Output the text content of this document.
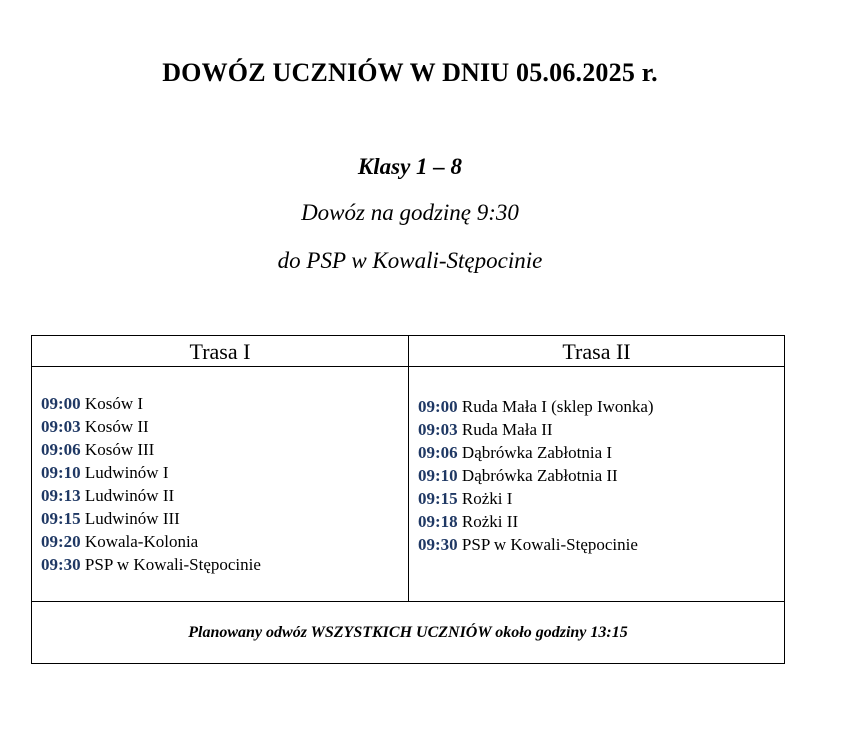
DOWÓZ UCZNIÓW W DNIU 05.06.2025 r.
Klasy 1 – 8
Dowóz na godzinę 9:30
do PSP w Kowali-Stępocinie
Trasa I	Trasa II
09:00 Kosów I
09:03 Kosów II
09:06 Kosów III
09:10 Ludwinów I
09:13 Ludwinów II
09:15 Ludwinów III
09:20 Kowala-Kolonia
09:30 PSP w Kowali-Stępocinie
09:00 Ruda Mała I (sklep Iwonka)
09:03 Ruda Mała II
09:06 Dąbrówka Zabłotnia I
09:10 Dąbrówka Zabłotnia II
09:15 Rożki I
09:18 Rożki II
09:30 PSP w Kowali-Stępocinie
Planowany odwóz WSZYSTKICH UCZNIÓW około godziny 13:15
